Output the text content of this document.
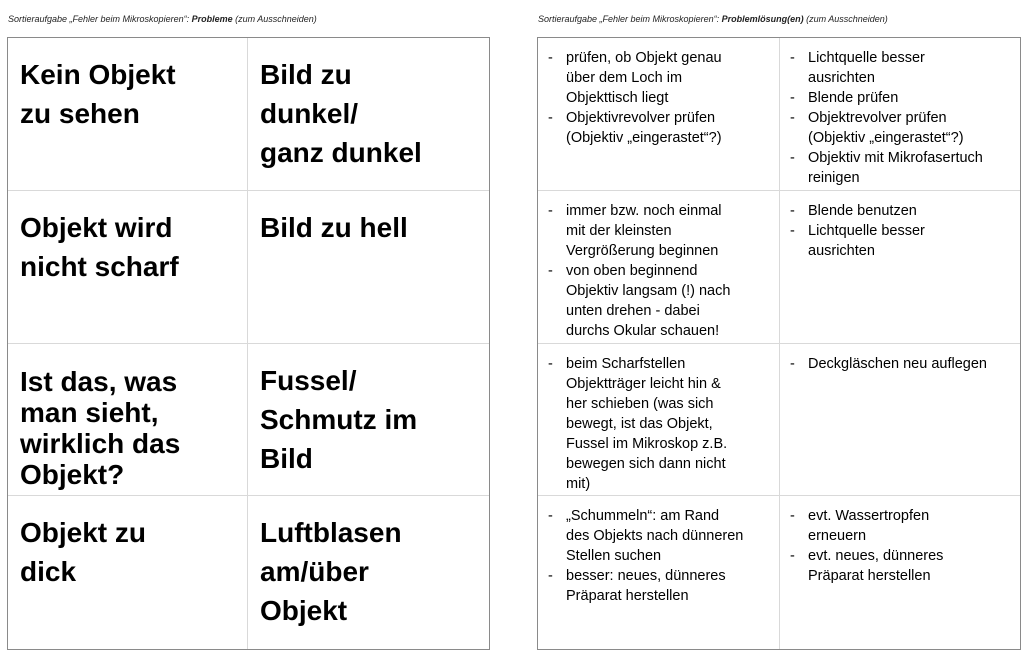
Sortieraufgabe „Fehler beim Mikroskopieren“: Probleme (zum Ausschneiden)	Sortieraufgabe „Fehler beim Mikroskopieren“: Problemlösung(en) (zum Ausschneiden)
Kein Objekt
zu sehen
Bild zu
dunkel/
ganz dunkel
Objekt wird
nicht scharf
Bild zu hell
Ist das, was
man sieht,
wirklich das
Objekt?
Fussel/
Schmutz im
Bild
Objekt zu
dick
Luftblasen
am/über
Objekt
- prüfen, ob Objekt genau
über dem Loch im
Objekttisch liegt
- Objektivrevolver prüfen
(Objektiv „eingerastet“?)
- Lichtquelle besser
ausrichten
- Blende prüfen
- Objektrevolver prüfen
(Objektiv „eingerastet“?)
- Objektiv mit Mikrofasertuch
reinigen
- immer bzw. noch einmal
mit der kleinsten
Vergrößerung beginnen
- von oben beginnend
Objektiv langsam (!) nach
unten drehen - dabei
durchs Okular schauen!
- Blende benutzen
- Lichtquelle besser
ausrichten
- beim Scharfstellen
Objektträger leicht hin &
her schieben (was sich
bewegt, ist das Objekt,
Fussel im Mikroskop z.B.
bewegen sich dann nicht
mit)
- Deckgläschen neu auflegen
- „Schummeln“: am Rand
des Objekts nach dünneren
Stellen suchen
- besser: neues, dünneres
Präparat herstellen
- evt. Wassertropfen
erneuern
- evt. neues, dünneres
Präparat herstellen
